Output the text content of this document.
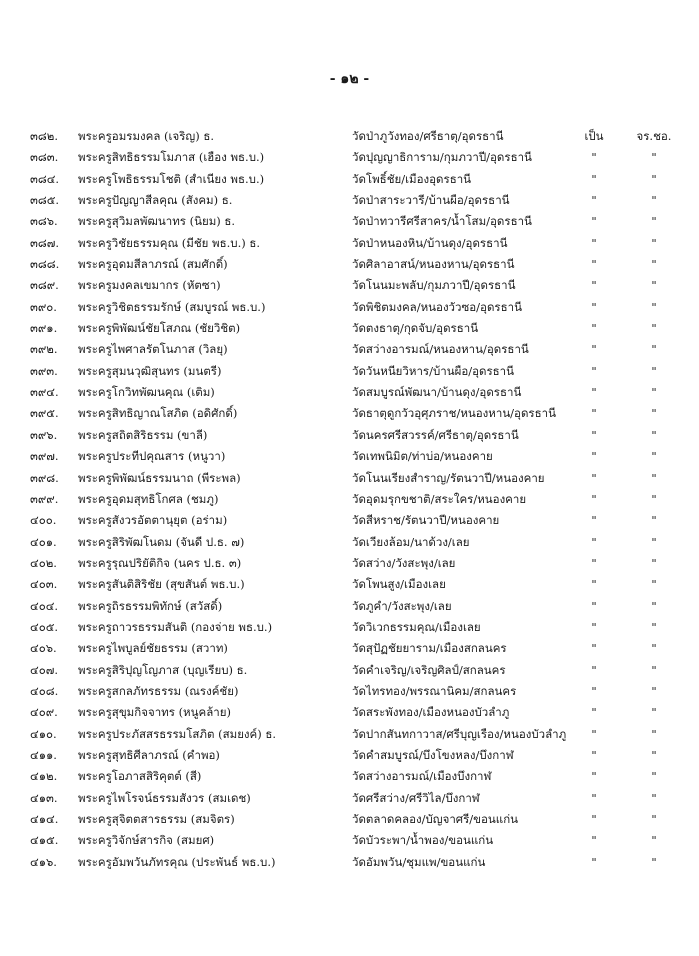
- ๑๒ -
๓๘๒. พระครูอมรมงคล (เจริญ) ธ.	วัดป่าภูวังทอง/ศรีธาตุ/อุดรธานี	เป็น	จร.ชอ.
๓๘๓. พระครูสิทธิธรรมโมภาส (เฮือง พธ.บ.)	วัดปุญญาธิการาม/กุมภวาปี/อุดรธานี	"	"
๓๘๔. พระครูโพธิธรรมโชติ (สำเนียง พธ.บ.)	วัดโพธิ์ชัย/เมืองอุดรธานี	"	"
๓๘๕. พระครูปัญญาสีลคุณ (สังคม) ธ.	วัดป่าสาระวารี/บ้านผือ/อุดรธานี	"	"
๓๘๖. พระครูสุวิมลพัฒนาทร (นิยม) ธ.	วัดป่าทวารีศรีสาคร/น้ำโสม/อุดรธานี	"	"
๓๘๗. พระครูวิชัยธรรมคุณ (มีชัย พธ.บ.) ธ.	วัดป่าหนองหิน/บ้านดุง/อุดรธานี	"	"
๓๘๘. พระครูอุดมสีลาภรณ์ (สมศักดิ์)	วัดศิลาอาสน์/หนองหาน/อุดรธานี	"	"
๓๘๙. พระครูมงคลเขมากร (หัตซา)	วัดโนนมะพลับ/กุมภวาปี/อุดรธานี	"	"
๓๙๐. พระครูวิชิตธรรมรักษ์ (สมบูรณ์ พธ.บ.)	วัดพิชิตมงคล/หนองวัวซอ/อุดรธานี	"	"
๓๙๑. พระครูพิพัฒน์ชัยโสภณ (ชัยวิชิต)	วัดตงธาตุ/กุดจับ/อุดรธานี	"	"
๓๙๒. พระครูไพศาลรัตโนภาส (วิลยุ)	วัดสว่างอารมณ์/หนองหาน/อุดรธานี	"	"
๓๙๓. พระครูสุมนวุฒิสุนทร (มนตรี)	วัดวันหนียวิหาร/บ้านผือ/อุดรธานี	"	"
๓๙๔. พระครูโกวิทพัฒนคุณ (เติม)	วัดสมบูรณ์พัฒนา/บ้านดุง/อุดรธานี	"	"
๓๙๕. พระครูสิทธิญาณโสภิต (อดิศักดิ์)	วัดธาตุดูกวัวอุศุภราช/หนองหาน/อุดรธานี	"	"
๓๙๖. พระครูสถิตสิริธรรม (ขาลี)	วัดนครศรีสวรรค์/ศรีธาตุ/อุดรธานี	"	"
๓๙๗. พระครูประทีปคุณสาร (หนูวา)	วัดเทพนิมิต/ท่าบ่อ/หนองคาย	"	"
๓๙๘. พระครูพิพัฒน์ธรรมนาถ (พีระพล)	วัดโนนเรียงสำราญ/รัตนวาปี/หนองคาย	"	"
๓๙๙. พระครูอุดมสุทธิโกศล (ชมภู)	วัดอุดมรุกขชาติ/สระใคร/หนองคาย	"	"
๔๐๐. พระครูสังวรอัตตานุยุต (อร่าม)	วัดสีหราช/รัตนวาปี/หนองคาย	"	"
๔๐๑. พระครูสิริพัฒโนดม (จันดี ป.ธ. ๗)	วัดเวียงล้อม/นาด้วง/เลย	"	"
๔๐๒. พระครูรุณปริยัติกิจ (นคร ป.ธ. ๓)	วัดสว่าง/วังสะพุง/เลย	"	"
๔๐๓. พระครูสันติสิริชัย (สุขสันต์ พธ.บ.)	วัดโพนสูง/เมืองเลย	"	"
๔๐๔. พระครูถิรธรรมพิทักษ์ (สวัสดิ์)	วัดภูคำ/วังสะพุง/เลย	"	"
๔๐๕. พระครูถาวรธรรมสันติ (กองจ่าย พธ.บ.)	วัดวิเวกธรรมคุณ/เมืองเลย	"	"
๔๐๖. พระครูไพบูลย์ชัยธรรม (สวาท)	วัดสุปัฏชัยยาราม/เมืองสกลนคร	"	"
๔๐๗. พระครูสิริปุญโญภาส (บุญเรียบ) ธ.	วัดคำเจริญ/เจริญศิลป์/สกลนคร	"	"
๔๐๘. พระครูสกลภัทรธรรม (ณรงค์ชัย)	วัดไทรทอง/พรรณานิคม/สกลนคร	"	"
๔๐๙. พระครูสุขุมกิจจาทร (หนูคล้าย)	วัดสระพังทอง/เมืองหนองบัวลำภู	"	"
๔๑๐. พระครูประภัสสรธรรมโสภิต (สมยงค์) ธ.	วัดปากสันทกาวาส/ศรีบุญเรือง/หนองบัวลำภู	"	"
๔๑๑. พระครูสุทธิศีลาภรณ์ (คำพอ)	วัดคำสมบูรณ์/บึงโขงหลง/บึงกาฬ	"	"
๔๑๒. พระครูโอภาสสิริคุตต์ (สี)	วัดสว่างอารมณ์/เมืองบึงกาฬ	"	"
๔๑๓. พระครูไพโรจน์ธรรมสังวร (สมเดช)	วัดศรีสว่าง/ศรีวิไล/บึงกาฬ	"	"
๔๑๔. พระครูสุจิตตสารธรรม (สมจิตร)	วัดตลาดคลอง/บัญจาศรี/ขอนแก่น	"	"
๔๑๕. พระครูวิจักษ์สารกิจ (สมยศ)	วัดบัวระพา/น้ำพอง/ขอนแก่น	"	"
๔๑๖. พระครูอัมพวันภัทรคุณ (ประพันธ์ พธ.บ.)	วัดอัมพวัน/ชุมแพ/ขอนแก่น	"	"
